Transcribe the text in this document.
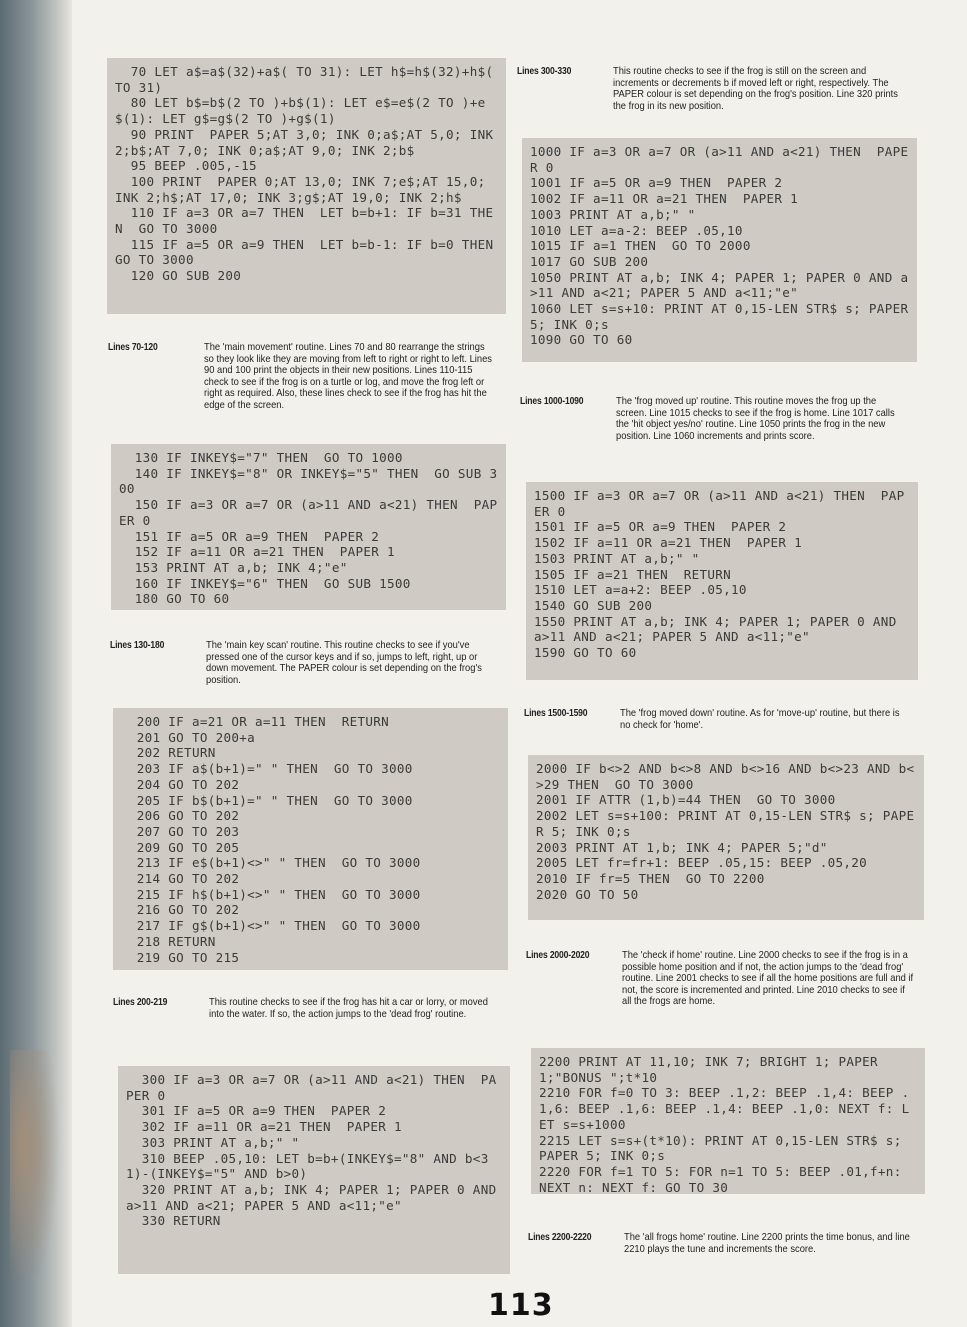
70 LET a$=a$(32)+a$( TO 31): LET h$=h$(32)+h$( TO 31)
80 LET b$=b$(2 TO )+b$(1): LET e$=e$(2 TO )+e$(1): LET g$=g$(2 TO )+g$(1)
90 PRINT  PAPER 5;AT 3,0; INK 0;a$;AT 5,0; INK 2;b$;AT 7,0; INK 0;a$;AT 9,0; INK 2;b$
95 BEEP .005,-15
100 PRINT  PAPER 0;AT 13,0; INK 7;e$;AT 15,0; INK 2;h$;AT 17,0; INK 3;g$;AT 19,0; INK 2;h$
110 IF a=3 OR a=7 THEN  LET b=b+1: IF b=31 THEN  GO TO 3000
115 IF a=5 OR a=9 THEN  LET b=b-1: IF b=0 THEN  GO TO 3000
120 GO SUB 200
130 IF INKEY$="7" THEN  GO TO 1000
140 IF INKEY$="8" OR INKEY$="5" THEN  GO SUB 300
150 IF a=3 OR a=7 OR (a>11 AND a<21) THEN  PAPER 0
151 IF a=5 OR a=9 THEN  PAPER 2
152 IF a=11 OR a=21 THEN  PAPER 1
153 PRINT AT a,b; INK 4;"e"
160 IF INKEY$="6" THEN  GO SUB 1500
180 GO TO 60
200 IF a=21 OR a=11 THEN  RETURN
201 GO TO 200+a
202 RETURN
203 IF a$(b+1)=" " THEN  GO TO 3000
204 GO TO 202
205 IF b$(b+1)=" " THEN  GO TO 3000
206 GO TO 202
207 GO TO 203
209 GO TO 205
213 IF e$(b+1)<>" " THEN  GO TO 3000
214 GO TO 202
215 IF h$(b+1)<>" " THEN  GO TO 3000
216 GO TO 202
217 IF g$(b+1)<>" " THEN  GO TO 3000
218 RETURN
219 GO TO 215
300 IF a=3 OR a=7 OR (a>11 AND a<21) THEN  PAPER 0
301 IF a=5 OR a=9 THEN  PAPER 2
302 IF a=11 OR a=21 THEN  PAPER 1
303 PRINT AT a,b;" "
310 BEEP .05,10: LET b=b+(INKEY$="8" AND b<31)-(INKEY$="5" AND b>0)
320 PRINT AT a,b; INK 4; PAPER 1; PAPER 0 AND a>11 AND a<21; PAPER 5 AND a<11;"e"
330 RETURN
1000 IF a=3 OR a=7 OR (a>11 AND a<21) THEN  PAPER 0
1001 IF a=5 OR a=9 THEN  PAPER 2
1002 IF a=11 OR a=21 THEN  PAPER 1
1003 PRINT AT a,b;" "
1010 LET a=a-2: BEEP .05,10
1015 IF a=1 THEN  GO TO 2000
1017 GO SUB 200
1050 PRINT AT a,b; INK 4; PAPER 1; PAPER 0 AND a>11 AND a<21; PAPER 5 AND a<11;"e"
1060 LET s=s+10: PRINT AT 0,15-LEN STR$ s; PAPER 5; INK 0;s
1090 GO TO 60
1500 IF a=3 OR a=7 OR (a>11 AND a<21) THEN  PAPER 0
1501 IF a=5 OR a=9 THEN  PAPER 2
1502 IF a=11 OR a=21 THEN  PAPER 1
1503 PRINT AT a,b;" "
1505 IF a=21 THEN  RETURN
1510 LET a=a+2: BEEP .05,10
1540 GO SUB 200
1550 PRINT AT a,b; INK 4; PAPER 1; PAPER 0 AND a>11 AND a<21; PAPER 5 AND a<11;"e"
1590 GO TO 60
2000 IF b<>2 AND b<>8 AND b<>16 AND b<>23 AND b<>29 THEN  GO TO 3000
2001 IF ATTR (1,b)=44 THEN  GO TO 3000
2002 LET s=s+100: PRINT AT 0,15-LEN STR$ s; PAPER 5; INK 0;s
2003 PRINT AT 1,b; INK 4; PAPER 5;"d"
2005 LET fr=fr+1: BEEP .05,15: BEEP .05,20
2010 IF fr=5 THEN  GO TO 2200
2020 GO TO 50
2200 PRINT AT 11,10; INK 7; BRIGHT 1; PAPER 1;"BONUS ";t*10
2210 FOR f=0 TO 3: BEEP .1,2: BEEP .1,4: BEEP .1,6: BEEP .1,6: BEEP .1,4: BEEP .1,0: NEXT f: LET s=s+1000
2215 LET s=s+(t*10): PRINT AT 0,15-LEN STR$ s; PAPER 5; INK 0;s
2220 FOR f=1 TO 5: FOR n=1 TO 5: BEEP .01,f+n: NEXT n: NEXT f: GO TO 30
Lines 300-330	This routine checks to see if the frog is still on the screen and increments or decrements b if moved left or right, respectively. The PAPER colour is set depending on the frog's position. Line 320 prints the frog in its new position.
Lines 70-120	The 'main movement' routine. Lines 70 and 80 rearrange the strings so they look like they are moving from left to right or right to left. Lines 90 and 100 print the objects in their new positions. Lines 110-115 check to see if the frog is on a turtle or log, and move the frog left or right as required. Also, these lines check to see if the frog has hit the edge of the screen.	Lines 1000-1090	The 'frog moved up' routine. This routine moves the frog up the screen. Line 1015 checks to see if the frog is home. Line 1017 calls the 'hit object yes/no' routine. Line 1050 prints the frog in the new position. Line 1060 increments and prints score.
Lines 130-180	The 'main key scan' routine. This routine checks to see if you've pressed one of the cursor keys and if so, jumps to left, right, up or down movement. The PAPER colour is set depending on the frog's position.
Lines 1500-1590	The 'frog moved down' routine. As for 'move-up' routine, but there is no check for 'home'.
Lines 2000-2020	The 'check if home' routine. Line 2000 checks to see if the frog is in a possible home position and if not, the action jumps to the 'dead frog' routine. Line 2001 checks to see if all the home positions are full and if not, the score is incremented and printed. Line 2010 checks to see if all the frogs are home.
Lines 200-219	This routine checks to see if the frog has hit a car or lorry, or moved into the water. If so, the action jumps to the 'dead frog' routine.
Lines 2200-2220	The 'all frogs home' routine. Line 2200 prints the time bonus, and line 2210 plays the tune and increments the score.
113
